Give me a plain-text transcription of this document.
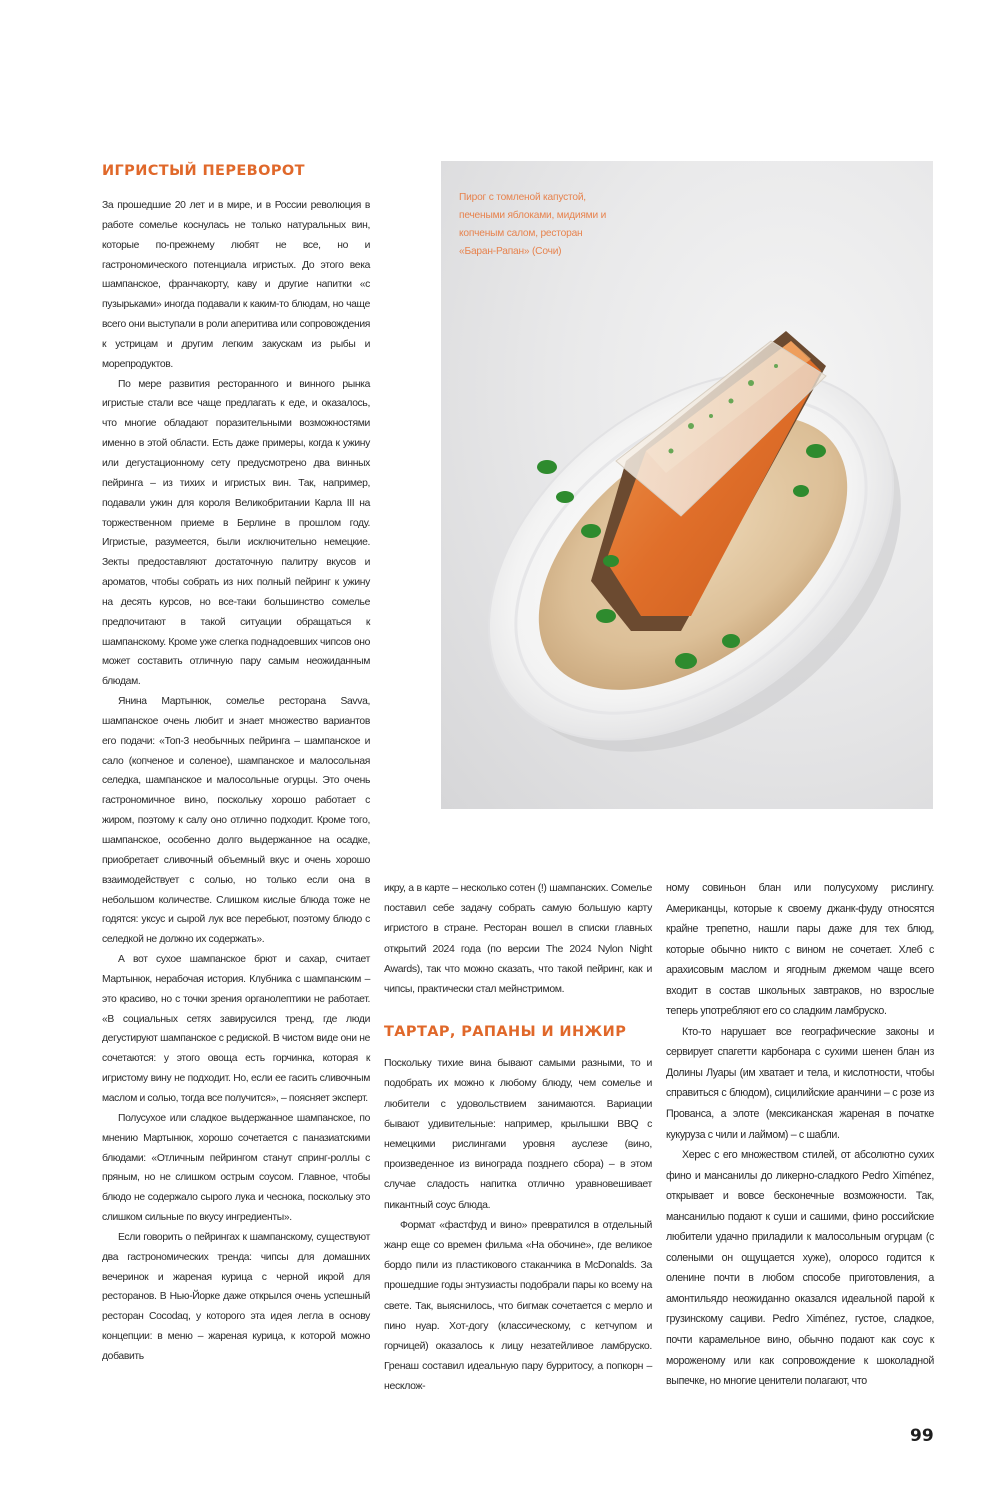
ИГРИСТЫЙ ПЕРЕВОРОТ

За прошедшие 20 лет и в мире, и в России революция в работе сомелье коснулась не только натуральных вин, которые по-прежнему любят не все, но и гастрономического потенциала игристых. До этого века шампанское, франчакорту, каву и другие напитки «с пузырьками» иногда подавали к каким-то блюдам, но чаще всего они выступали в роли аперитива или сопровождения к устрицам и другим легким закускам из рыбы и морепродуктов.

По мере развития ресторанного и винного рынка игристые стали все чаще предлагать к еде, и оказалось, что многие обладают поразительными возможностями именно в этой области. Есть даже примеры, когда к ужину или дегустационному сету предусмотрено два винных пейринга – из тихих и игристых вин. Так, например, подавали ужин для короля Великобритании Карла III на торжественном приеме в Берлине в прошлом году. Игристые, разумеется, были исключительно немецкие. Зекты предоставляют достаточную палитру вкусов и ароматов, чтобы собрать из них полный пейринг к ужину на десять курсов, но все-таки большинство сомелье предпочитают в такой ситуации обращаться к шампанскому. Кроме уже слегка поднадоевших чипсов оно может составить отличную пару самым неожиданным блюдам.

Янина Мартынюк, сомелье ресторана Savva, шампанское очень любит и знает множество вариантов его подачи: «Топ-3 необычных пейринга – шампанское и сало (копченое и соленое), шампанское и малосольная селедка, шампанское и малосольные огурцы. Это очень гастрономичное вино, поскольку хорошо работает с жиром, поэтому к салу оно отлично подходит. Кроме того, шампанское, особенно долго выдержанное на осадке, приобретает сливочный объемный вкус и очень хорошо взаимодействует с солью, но только если она в небольшом количестве. Слишком кислые блюда тоже не годятся: уксус и сырой лук все перебьют, поэтому блюдо с селедкой не должно их содержать».

А вот сухое шампанское брют и сахар, считает Мартынюк, нерабочая история. Клубника с шампанским – это красиво, но с точки зрения органолептики не работает. «В социальных сетях завирусился тренд, где люди дегустируют шампанское с редиской. В чистом виде они не сочетаются: у этого овоща есть горчинка, которая к игристому вину не подходит. Но, если ее гасить сливочным маслом и солью, тогда все получится», – поясняет эксперт.

Полусухое или сладкое выдержанное шампанское, по мнению Мартынюк, хорошо сочетается с паназиатскими блюдами: «Отличным пейрингом станут спринг-роллы с пряным, но не слишком острым соусом. Главное, чтобы блюдо не содержало сырого лука и чеснока, поскольку это слишком сильные по вкусу ингредиенты».

Если говорить о пейрингах к шампанскому, существуют два гастрономических тренда: чипсы для домашних вечеринок и жареная курица с черной икрой для ресторанов. В Нью-Йорке даже открылся очень успешный ресторан Cocodaq, у которого эта идея легла в основу концепции: в меню – жареная курица, к которой можно добавить

Пирог с томленой капустой, печеными яблоками, мидиями и копченым салом, ресторан «Баран-Рапан» (Сочи)

икру, а в карте – несколько сотен (!) шампанских. Сомелье поставил себе задачу собрать самую большую карту игристого в стране. Ресторан вошел в списки главных открытий 2024 года (по версии The 2024 Nylon Night Awards), так что можно сказать, что такой пейринг, как и чипсы, практически стал мейнстримом.

ТАРТАР, РАПАНЫ И ИНЖИР

Поскольку тихие вина бывают самыми разными, то и подобрать их можно к любому блюду, чем сомелье и любители с удовольствием занимаются. Вариации бывают удивительные: например, крылышки BBQ с немецкими рислингами уровня ауслезе (вино, произведенное из винограда позднего сбора) – в этом случае сладость напитка отлично уравновешивает пикантный соус блюда.

Формат «фастфуд и вино» превратился в отдельный жанр еще со времен фильма «На обочине», где великое бордо пили из пластикового стаканчика в McDonalds. За прошедшие годы энтузиасты подобрали пары ко всему на свете. Так, выяснилось, что бигмак сочетается с мерло и пино нуар. Хот-догу (классическому, с кетчупом и горчицей) оказалось к лицу незатейливое ламбруско. Гренаш составил идеальную пару бурритосу, а попкорн – несклож-

ному совиньон блан или полусухому рислингу. Американцы, которые к своему джанк-фуду относятся крайне трепетно, нашли пары даже для тех блюд, которые обычно никто с вином не сочетает. Хлеб с арахисовым маслом и ягодным джемом чаще всего входит в состав школьных завтраков, но взрослые теперь употребляют его со сладким ламбруско.

Кто-то нарушает все географические законы и сервирует спагетти карбонара с сухими шенен блан из Долины Луары (им хватает и тела, и кислотности, чтобы справиться с блюдом), сицилийские аранчини – с розе из Прованса, а элоте (мексиканская жареная в початке кукуруза с чили и лаймом) – с шабли.

Херес с его множеством стилей, от абсолютно сухих фино и мансанилы до ликерно-сладкого Pedro Ximénez, открывает и вовсе бесконечные возможности. Так, мансанилью подают к суши и сашими, фино российские любители удачно приладили к малосольным огурцам (с солеными он ощущается хуже), олоросо годится к оленине почти в любом способе приготовления, а амонтильядо неожиданно оказался идеальной парой к грузинскому сациви. Pedro Ximénez, густое, сладкое, почти карамельное вино, обычно подают как соус к мороженому или как сопровождение к шоколадной выпечке, но многие ценители полагают, что

99
